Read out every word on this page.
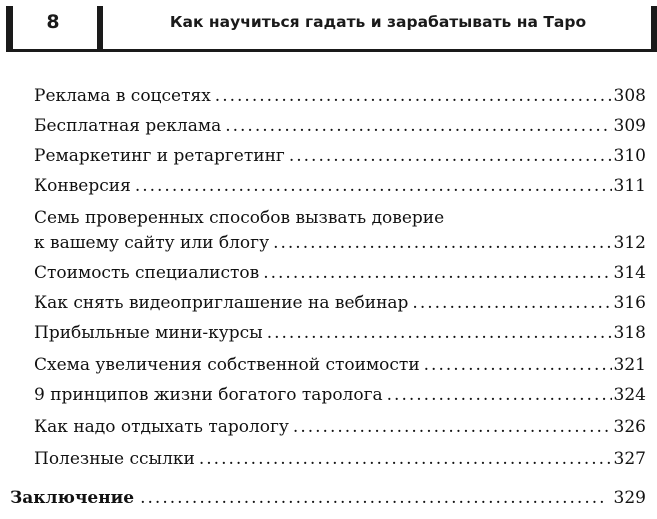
8	Как научиться гадать и зарабатывать на Таро
Реклама в соцсетях .....	308
Бесплатная реклама .....	309
Ремаркетинг и ретаргетинг .....	310
Конверсия .....	311
Семь проверенных способов вызвать доверие
к вашему сайту или блогу .....	312
Стоимость специалистов .....	314
Как снять видеоприглашение на вебинар .....	316
Прибыльные мини-курсы .....	318
Схема увеличения собственной стоимости .....	321
9 принципов жизни богатого таролога .....	324
Как надо отдыхать тарологу .....	326
Полезные ссылки .....	327
Заключение .....	329
